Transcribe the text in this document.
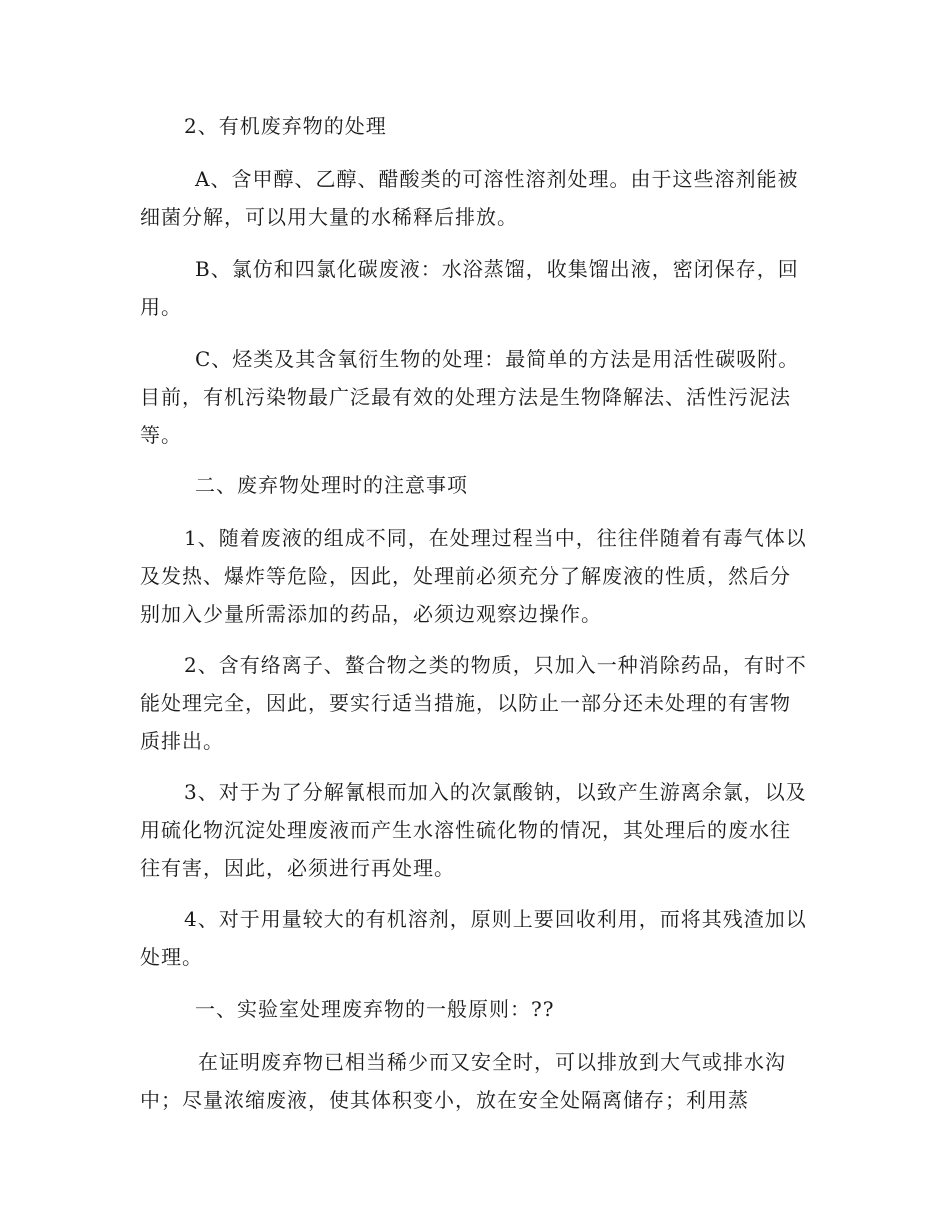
2、有机废弃物的处理

A、含甲醇、乙醇、醋酸类的可溶性溶剂处理。由于这些溶剂能被细菌分解，可以用大量的水稀释后排放。

B、氯仿和四氯化碳废液：水浴蒸馏，收集馏出液，密闭保存，回用。

C、烃类及其含氧衍生物的处理：最简单的方法是用活性碳吸附。目前，有机污染物最广泛最有效的处理方法是生物降解法、活性污泥法等。

二、废弃物处理时的注意事项

1、随着废液的组成不同，在处理过程当中，往往伴随着有毒气体以及发热、爆炸等危险，因此，处理前必须充分了解废液的性质，然后分别加入少量所需添加的药品，必须边观察边操作。

2、含有络离子、螯合物之类的物质，只加入一种消除药品，有时不能处理完全，因此，要实行适当措施，以防止一部分还未处理的有害物质排出。

3、对于为了分解氰根而加入的次氯酸钠，以致产生游离余氯，以及用硫化物沉淀处理废液而产生水溶性硫化物的情况，其处理后的废水往往有害，因此，必须进行再处理。

4、对于用量较大的有机溶剂，原则上要回收利用，而将其残渣加以处理。

一、实验室处理废弃物的一般原则：??

在证明废弃物已相当稀少而又安全时，可以排放到大气或排水沟中；尽量浓缩废液，使其体积变小，放在安全处隔离储存；利用蒸
